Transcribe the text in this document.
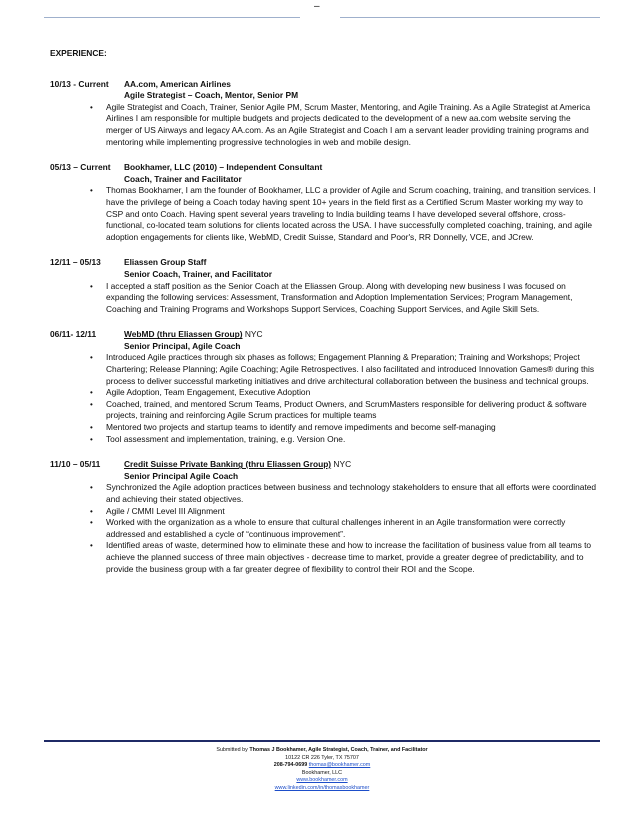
–
EXPERIENCE:
10/13 - Current	AA.com, American Airlines
Agile Strategist – Coach, Mentor, Senior PM
• Agile Strategist and Coach, Trainer, Senior Agile PM, Scrum Master, Mentoring, and Agile Training. As a Agile Strategist at America Airlines I am responsible for multiple budgets and projects dedicated to the development of a new aa.com website serving the merger of US Airways and legacy AA.com. As an Agile Strategist and Coach I am a servant leader providing training programs and mentoring while implementing progressive technologies in web and mobile design.
05/13 – Current	Bookhamer, LLC (2010) – Independent Consultant
Coach, Trainer and Facilitator
• Thomas Bookhamer, I am the founder of Bookhamer, LLC a provider of Agile and Scrum coaching, training, and transition services. I have the privilege of being a Coach today having spent 10+ years in the field first as a Certified Scrum Master working my way to CSP and onto Coach. Having spent several years traveling to India building teams I have developed several offshore, cross-functional, co-located team solutions for clients located across the USA. I have successfully completed coaching, training, and agile adoption engagements for clients like, WebMD, Credit Suisse, Standard and Poor's, RR Donnelly, VCE, and JCrew.
12/11 – 05/13	Eliassen Group Staff
Senior Coach, Trainer, and Facilitator
• I accepted a staff position as the Senior Coach at the Eliassen Group. Along with developing new business I was focused on expanding the following services: Assessment, Transformation and Adoption Implementation Services; Program Management, Coaching and Training Programs and Workshops Support Services, Coaching Support Services, and Agile Skill Sets.
06/11- 12/11	WebMD (thru Eliassen Group) NYC
Senior Principal, Agile Coach
• Introduced Agile practices through six phases as follows; Engagement Planning & Preparation; Training and Workshops; Project Chartering; Release Planning; Agile Coaching; Agile Retrospectives. I also facilitated and introduced Innovation Games® during this process to deliver successful marketing initiatives and drive architectural collaboration between the business and technical groups.
• Agile Adoption, Team Engagement, Executive Adoption
• Coached, trained, and mentored Scrum Teams, Product Owners, and ScrumMasters responsible for delivering product & software projects, training and reinforcing Agile Scrum practices for multiple teams
• Mentored two projects and startup teams to identify and remove impediments and become self-managing
• Tool assessment and implementation, training, e.g. Version One.
11/10 – 05/11	Credit Suisse Private Banking (thru Eliassen Group) NYC
Senior Principal Agile Coach
• Synchronized the Agile adoption practices between business and technology stakeholders to ensure that all efforts were coordinated and achieving their stated objectives.
• Agile / CMMI Level III Alignment
• Worked with the organization as a whole to ensure that cultural challenges inherent in an Agile transformation were correctly addressed and established a cycle of “continuous improvement”.
• Identified areas of waste, determined how to eliminate these and how to increase the facilitation of business value from all teams to achieve the planned success of three main objectives - decrease time to market, provide a greater degree of predictability, and to provide the business group with a far greater degree of flexibility to control their ROI and the Scope.
Submitted by Thomas J Bookhamer, Agile Strategist, Coach, Trainer, and Facilitator
10122 CR 226 Tyler, TX 75707
208-794-0699 thomas@bookhamer.com
Bookhamer, LLC
www.bookhamer.com
www.linkedin.com/in/thomasbookhamer
